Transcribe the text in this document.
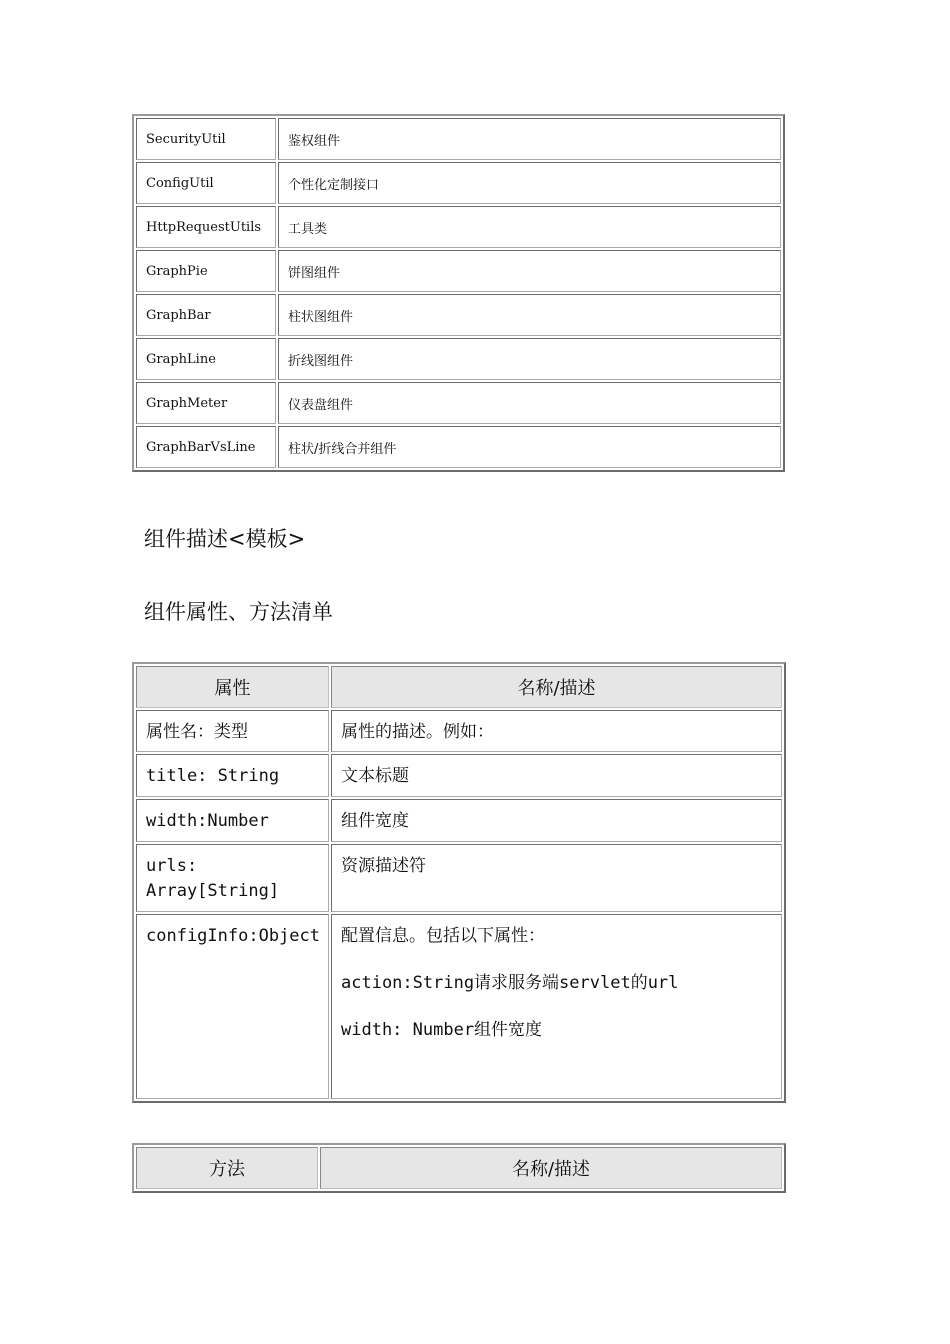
SecurityUtil	鉴权组件
ConfigUtil	个性化定制接口
HttpRequestUtils	工具类
GraphPie	饼图组件
GraphBar	柱状图组件
GraphLine	折线图组件
GraphMeter	仪表盘组件
GraphBarVsLine	柱状/折线合并组件
组件描述<模板>
组件属性、方法清单
属性	名称/描述
属性名：类型	属性的描述。例如：
title: String	文本标题
width:Number	组件宽度
urls:
Array[String]	资源描述符
configInfo:Object	配置信息。包括以下属性：

action:String请求服务端servlet的url

width: Number组件宽度

方法	名称/描述
